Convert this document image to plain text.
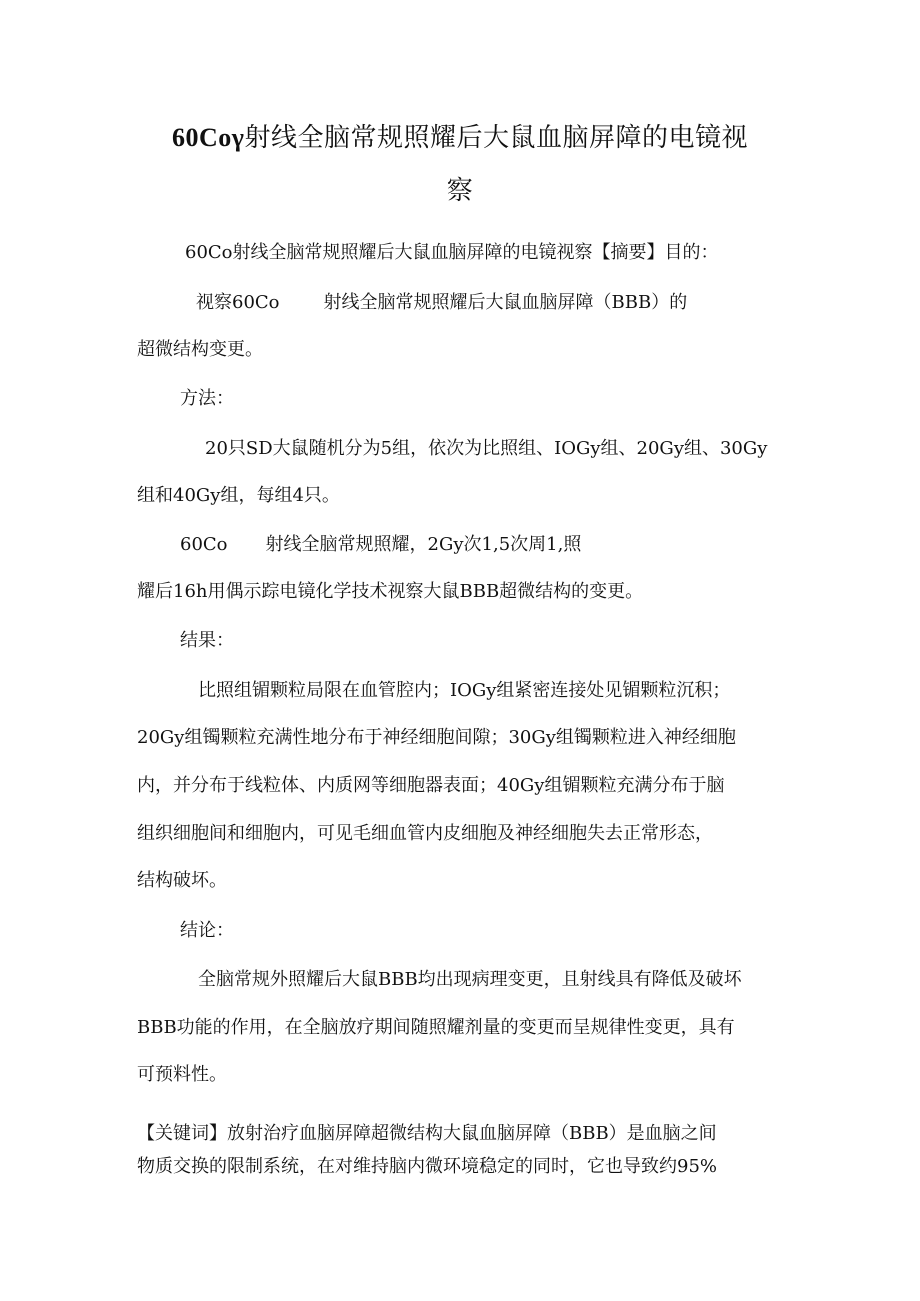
60Coγ射线全脑常规照耀后大鼠血脑屏障的电镜视
察
60Co射线全脑常规照耀后大鼠血脑屏障的电镜视察【摘要】目的：
视察60Co 射线全脑常规照耀后大鼠血脑屏障（BBB）的
超微结构变更。
方法：
20只SD大鼠随机分为5组，依次为比照组、IOGy组、20Gy组、30Gy
组和40Gy组，每组4只。
60Co 射线全脑常规照耀，2Gy次1,5次周1,照
耀后16h用偶示踪电镜化学技术视察大鼠BBB超微结构的变更。
结果：
比照组镅颗粒局限在血管腔内；IOGy组紧密连接处见镅颗粒沉积；
20Gy组镯颗粒充满性地分布于神经细胞间隙；30Gy组镯颗粒进入神经细胞
内，并分布于线粒体、内质网等细胞器表面；40Gy组镅颗粒充满分布于脑
组织细胞间和细胞内，可见毛细血管内皮细胞及神经细胞失去正常形态，
结构破坏。
结论：
全脑常规外照耀后大鼠BBB均出现病理变更，且射线具有降低及破坏
BBB功能的作用，在全脑放疗期间随照耀剂量的变更而呈规律性变更，具有
可预料性。
【关键词】放射治疗血脑屏障超微结构大鼠血脑屏障（BBB）是血脑之间
物质交换的限制系统，在对维持脑内微环境稳定的同时，它也导致约95%
